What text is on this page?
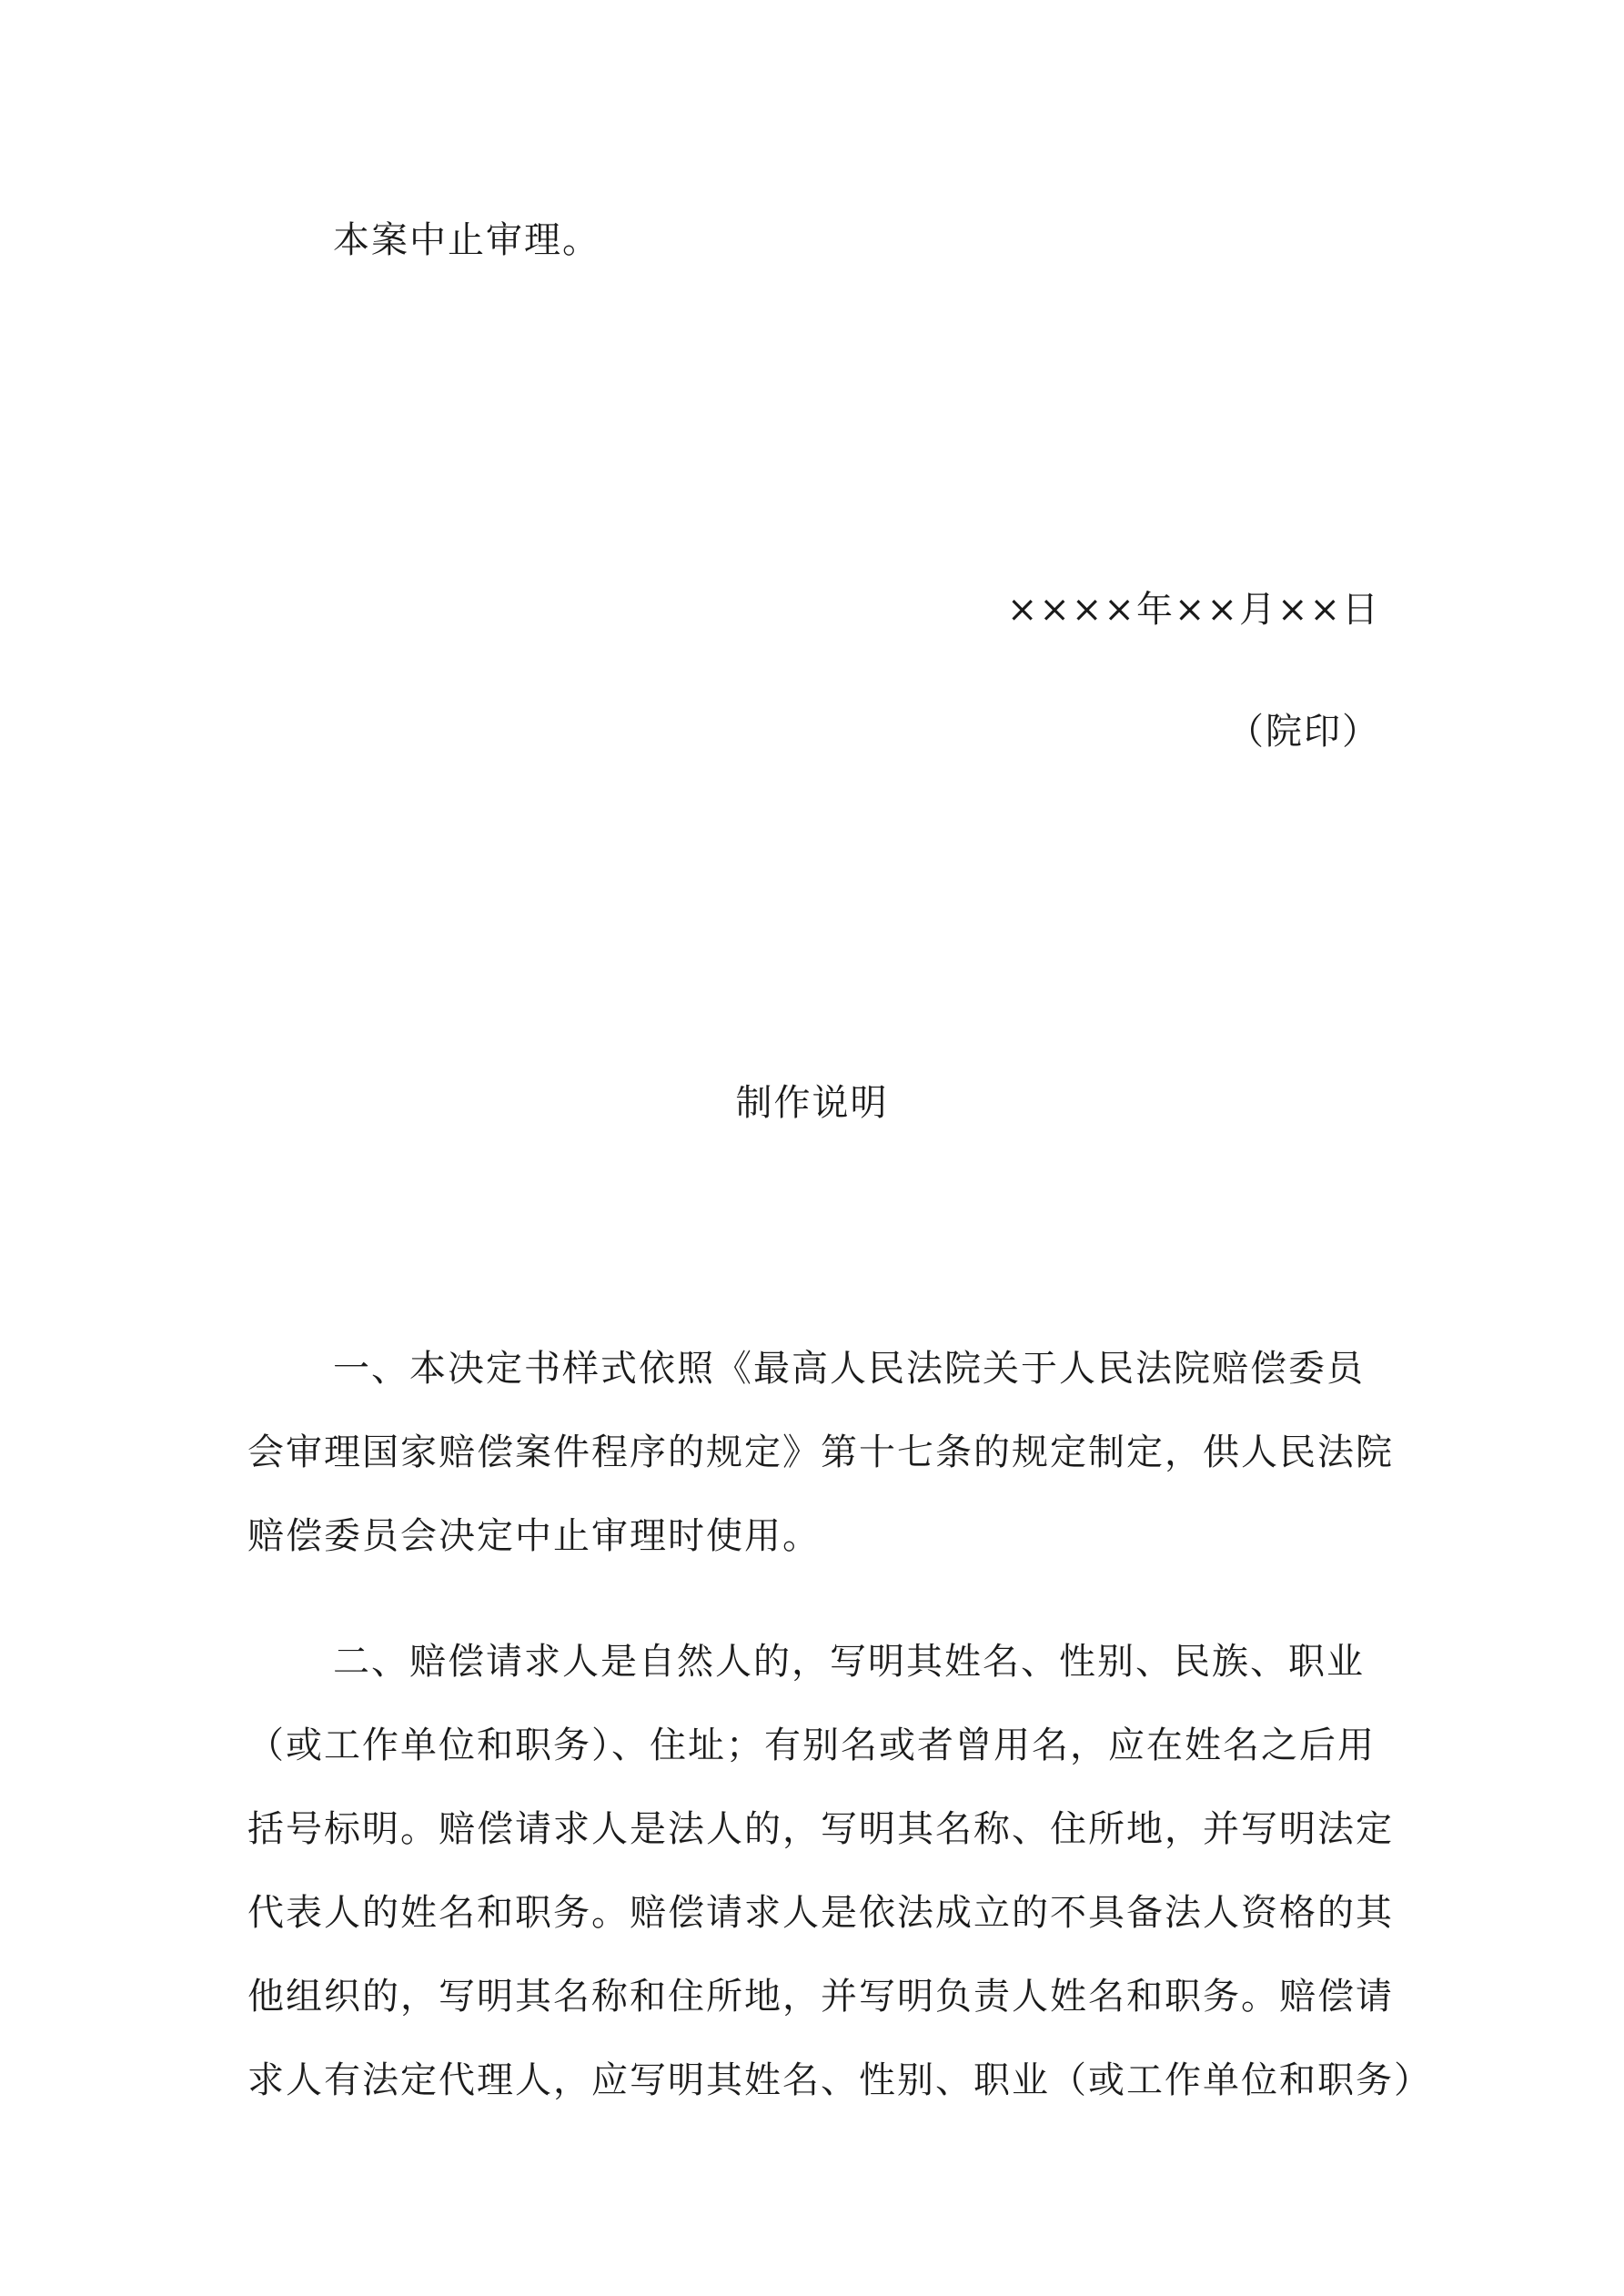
本案中止审理。
××××年××月××日
（院印）
制作说明
一、本决定书样式依照《最高人民法院关于人民法院赔偿委员
会审理国家赔偿案件程序的规定》第十七条的规定制定，供人民法院
赔偿委员会决定中止审理时使用。
二、赔偿请求人是自然人的，写明其姓名、性别、民族、职业
（或工作单位和职务）、住址；有别名或者曾用名，应在姓名之后用
括号标明。赔偿请求人是法人的，写明其名称、住所地，并写明法定
代表人的姓名和职务。赔偿请求人是依法成立的不具备法人资格的其
他组织的，写明其名称和住所地，并写明负责人姓名和职务。赔偿请
求人有法定代理人，应写明其姓名、性别、职业（或工作单位和职务）
